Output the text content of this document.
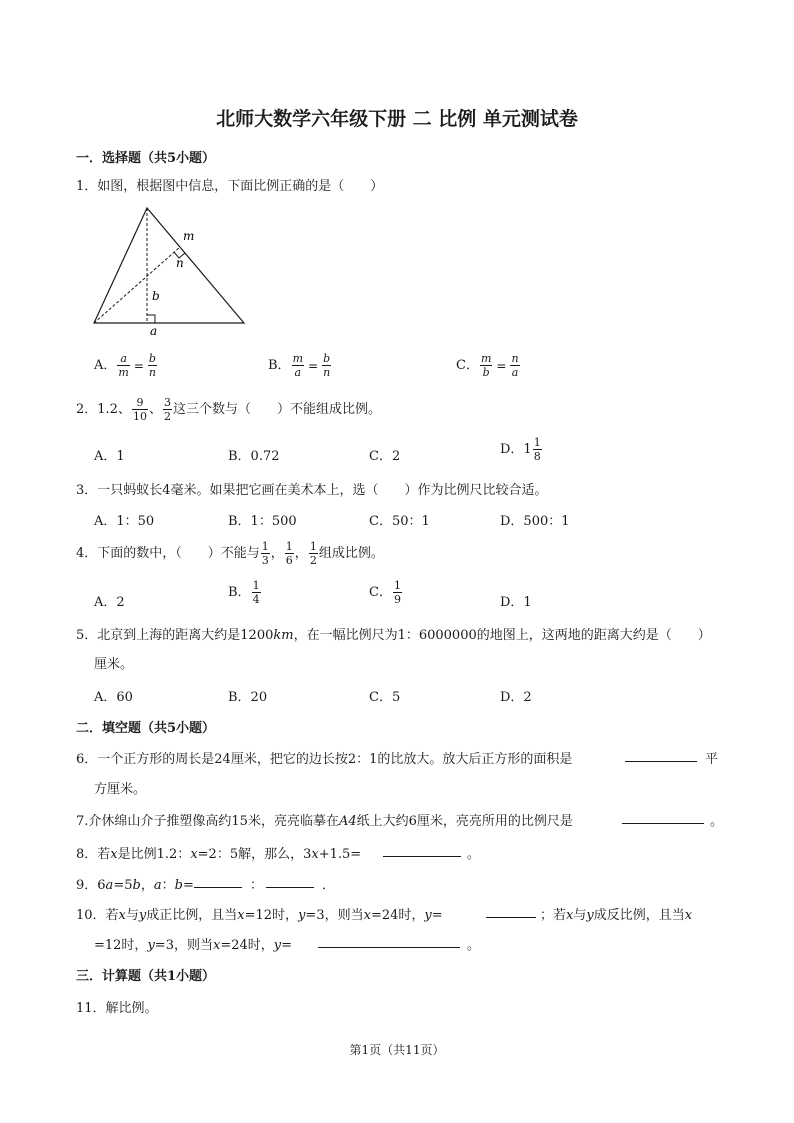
北师大数学六年级下册 二 比例 单元测试卷
一．选择题（共5小题）
1．如图，根据图中信息，下面比例正确的是（　　）
m
n
b
a
A． $\frac{a}{m} = \frac{b}{n}$	B． $\frac{m}{a} = \frac{b}{n}$	C． $\frac{m}{b} = \frac{n}{a}$
2．1.2、 $\frac{9}{10}$ 、 $\frac{3}{2}$ 这三个数与（　　）不能组成比例。
A．1	B．0.72	C．2	D．$1 \frac{1}{8}$
3．一只蚂蚁长4毫米。如果把它画在美术本上，选（　　）作为比例尺比较合适。
A．1：50	B．1：500	C．50：1	D．500：1
4．下面的数中，（　　）不能与 $\frac{1}{3}$ ， $\frac{1}{6}$ ， $\frac{1}{2}$ 组成比例。
A．2
B． $\frac{1}{4}$	C． $\frac{1}{9}$	D．1
5．北京到上海的距离大约是1200km，在一幅比例尺为1：6000000的地图上，这两地的距离大约是（　　）
厘米。
A．60	B．20	C．5	D．2
二．填空题（共5小题）
6．一个正方形的周长是24厘米，把它的边长按2：1的比放大。放大后正方形的面积是	平
方厘米。
7.介休绵山介子推塑像高约15米，亮亮临摹在A4纸上大约6厘米，亮亮所用的比例尺是	。
8．若x是比例1.2：x=2：5解，那么，3x+1.5=	。
9．6a=5b，a：b=	：	．
10．若x与y成正比例，且当x=12时，y=3，则当x=24时，y=	；若x与y成反比例，且当x
=12时，y=3，则当x=24时，y=	。
三．计算题（共1小题）
11．解比例。
第1页（共11页）
